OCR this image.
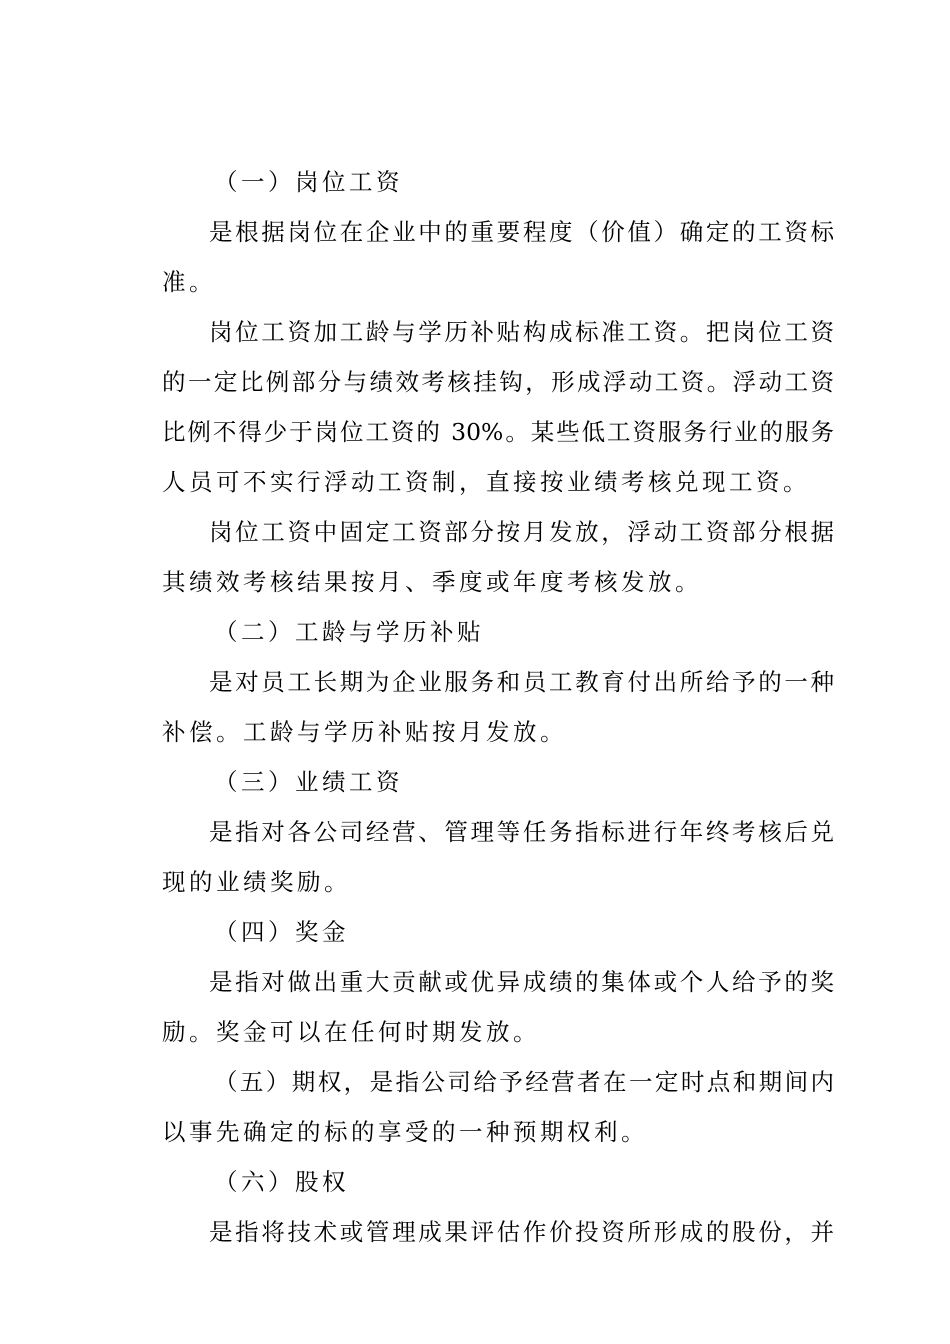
（一）岗位工资
是根据岗位在企业中的重要程度（价值）确定的工资标
准。
岗位工资加工龄与学历补贴构成标准工资。把岗位工资
的一定比例部分与绩效考核挂钩，形成浮动工资。浮动工资
比例不得少于岗位工资的 30%。某些低工资服务行业的服务
人员可不实行浮动工资制，直接按业绩考核兑现工资。
岗位工资中固定工资部分按月发放，浮动工资部分根据
其绩效考核结果按月、季度或年度考核发放。
（二）工龄与学历补贴
是对员工长期为企业服务和员工教育付出所给予的一种
补偿。工龄与学历补贴按月发放。
（三）业绩工资
是指对各公司经营、管理等任务指标进行年终考核后兑
现的业绩奖励。
（四）奖金
是指对做出重大贡献或优异成绩的集体或个人给予的奖
励。奖金可以在任何时期发放。
（五）期权，是指公司给予经营者在一定时点和期间内
以事先确定的标的享受的一种预期权利。
（六）股权
是指将技术或管理成果评估作价投资所形成的股份，并
